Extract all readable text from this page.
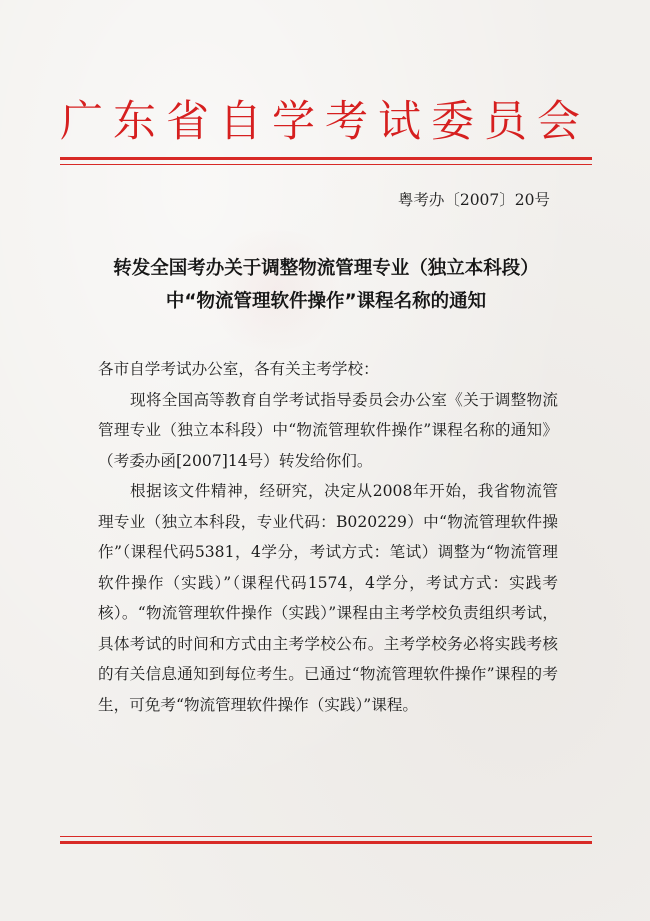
广东省自学考试委员会
粤考办〔2007〕20号
转发全国考办关于调整物流管理专业（独立本科段）
中“物流管理软件操作”课程名称的通知

各市自学考试办公室，各有关主考学校：

现将全国高等教育自学考试指导委员会办公室《关于调整物流管理专业（独立本科段）中“物流管理软件操作”课程名称的通知》（考委办函[2007]14号）转发给你们。

根据该文件精神，经研究，决定从2008年开始，我省物流管理专业（独立本科段，专业代码：B020229）中“物流管理软件操作”（课程代码5381，4学分，考试方式：笔试）调整为“物流管理软件操作（实践）”（课程代码1574，4学分，考试方式：实践考核）。“物流管理软件操作（实践）”课程由主考学校负责组织考试，具体考试的时间和方式由主考学校公布。主考学校务必将实践考核的有关信息通知到每位考生。已通过“物流管理软件操作”课程的考生，可免考“物流管理软件操作（实践）”课程。
